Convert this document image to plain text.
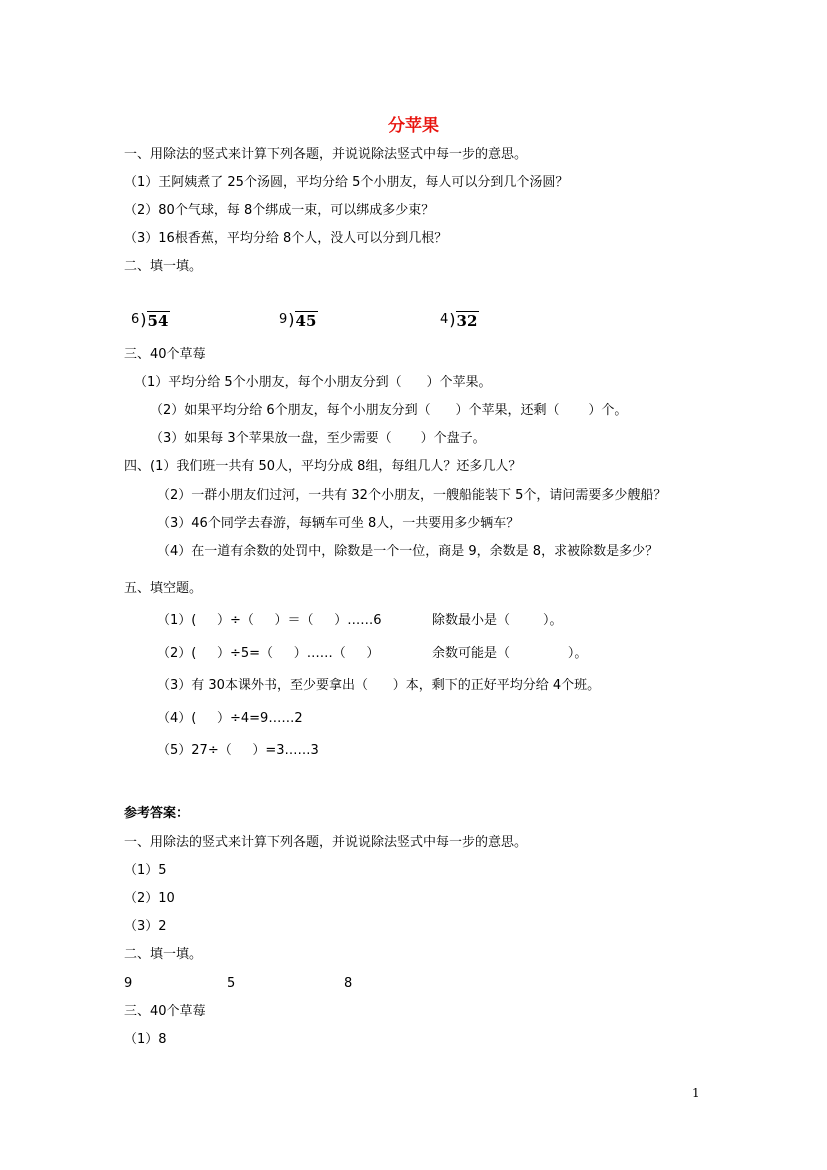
分苹果
一、用除法的竖式来计算下列各题，并说说除法竖式中每一步的意思。
（1）王阿姨煮了 25个汤圆，平均分给 5个小朋友，每人可以分到几个汤圆？
（2）80个气球，每 8个绑成一束，可以绑成多少束？
（3）16根香蕉，平均分给 8个人，没人可以分到几根？
二、填一填。
6)54	9)45	4)32
三、40个草莓
（1）平均分给 5个小朋友，每个小朋友分到（      ）个苹果。
（2）如果平均分给 6个朋友，每个小朋友分到（      ）个苹果，还剩（       ）个。
（3）如果每 3个苹果放一盘，至少需要（       ）个盘子。
四、(1）我们班一共有 50人，平均分成 8组，每组几人？还多几人？
（2）一群小朋友们过河，一共有 32个小朋友，一艘船能装下 5个，请问需要多少艘船？
（3）46个同学去春游，每辆车可坐 8人，一共要用多少辆车？
（4）在一道有余数的处罚中，除数是一个一位，商是 9，余数是 8，求被除数是多少？
五、填空题。
（1）(     ）÷（     ）＝（     ）……6	除数最小是（        ）。
（2）(     ）÷5=（     ）……（     ）	余数可能是（              ）。
（3）有 30本课外书，至少要拿出（      ）本，剩下的正好平均分给 4个班。
（4）(     ）÷4=9……2
（5）27÷（     ）=3……3
参考答案：
一、用除法的竖式来计算下列各题，并说说除法竖式中每一步的意思。
（1）5
（2）10
（3）2
二、填一填。
9	5	8
三、40个草莓
（1）8
1
